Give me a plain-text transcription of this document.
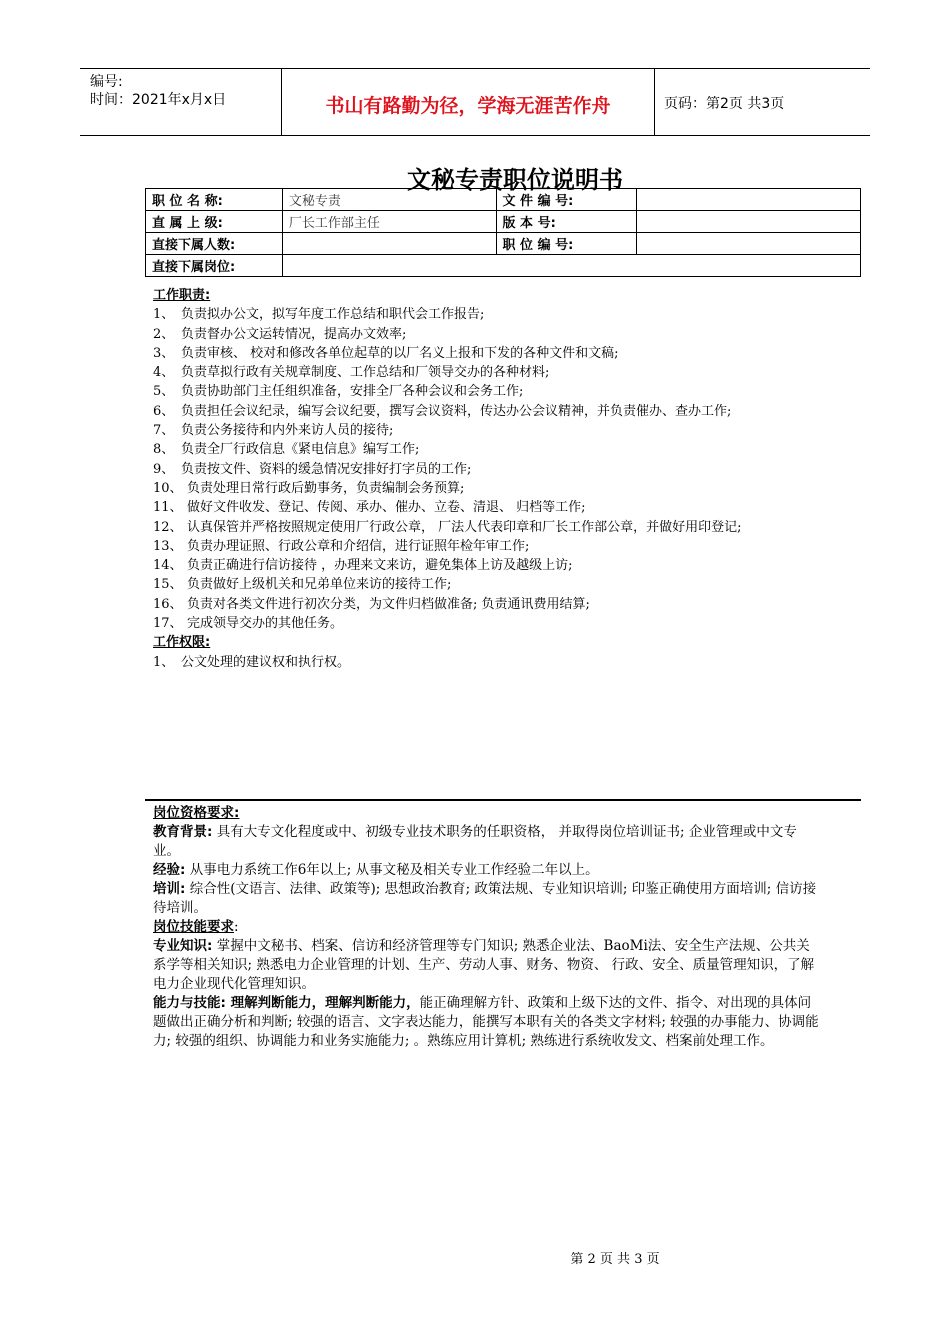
编号:
时间：2021年x月x日	书山有路勤为径，学海无涯苦作舟	页码：第2页 共3页
文秘专责职位说明书
职 位 名 称:	文秘专责	文 件 编 号:	
直 属 上 级:	厂长工作部主任	版 本 号:	
直接下属人数:		职 位 编 号:	
直接下属岗位:			
工作职责:
1、 负责拟办公文，拟写年度工作总结和职代会工作报告;
2、 负责督办公文运转情况，提高办文效率;
3、 负责审核、 校对和修改各单位起草的以厂名义上报和下发的各种文件和文稿;
4、 负责草拟行政有关规章制度、工作总结和厂领导交办的各种材料;
5、 负责协助部门主任组织准备，安排全厂各种会议和会务工作;
6、 负责担任会议纪录，编写会议纪要，撰写会议资料，传达办公会议精神，并负责催办、查办工作;
7、 负责公务接待和内外来访人员的接待;
8、 负责全厂行政信息《紧电信息》编写工作;
9、 负责按文件、资料的缓急情况安排好打字员的工作;
10、 负责处理日常行政后勤事务，负责编制会务预算;
11、 做好文件收发、登记、传阅、承办、催办、立卷、清退、 归档等工作;
12、 认真保管并严格按照规定使用厂行政公章， 厂法人代表印章和厂长工作部公章，并做好用印登记;
13、 负责办理证照、行政公章和介绍信，进行证照年检年审工作;
14、 负责正确进行信访接待 ，办理来文来访，避免集体上访及越级上访;
15、 负责做好上级机关和兄弟单位来访的接待工作;
16、 负责对各类文件进行初次分类，为文件归档做准备; 负责通讯费用结算;
17、 完成领导交办的其他任务。
工作权限:
1、 公文处理的建议权和执行权。
岗位资格要求:
教育背景: 具有大专文化程度或中、初级专业技术职务的任职资格， 并取得岗位培训证书; 企业管理或中文专业。
经验: 从事电力系统工作6年以上; 从事文秘及相关专业工作经验二年以上。
培训: 综合性(文语言、法律、政策等); 思想政治教育; 政策法规、专业知识培训; 印鉴正确使用方面培训; 信访接待培训。
岗位技能要求:
专业知识: 掌握中文秘书、档案、信访和经济管理等专门知识; 熟悉企业法、BaoMi法、安全生产法规、公共关系学等相关知识; 熟悉电力企业管理的计划、生产、劳动人事、财务、物资、 行政、安全、质量管理知识，了解电力企业现代化管理知识。
能力与技能: 理解判断能力，理解判断能力，能正确理解方针、政策和上级下达的文件、指令、对出现的具体问题做出正确分析和判断; 较强的语言、文字表达能力，能撰写本职有关的各类文字材料; 较强的办事能力、协调能力; 较强的组织、协调能力和业务实施能力; 。熟练应用计算机; 熟练进行系统收发文、档案前处理工作。
第 2 页 共 3 页
